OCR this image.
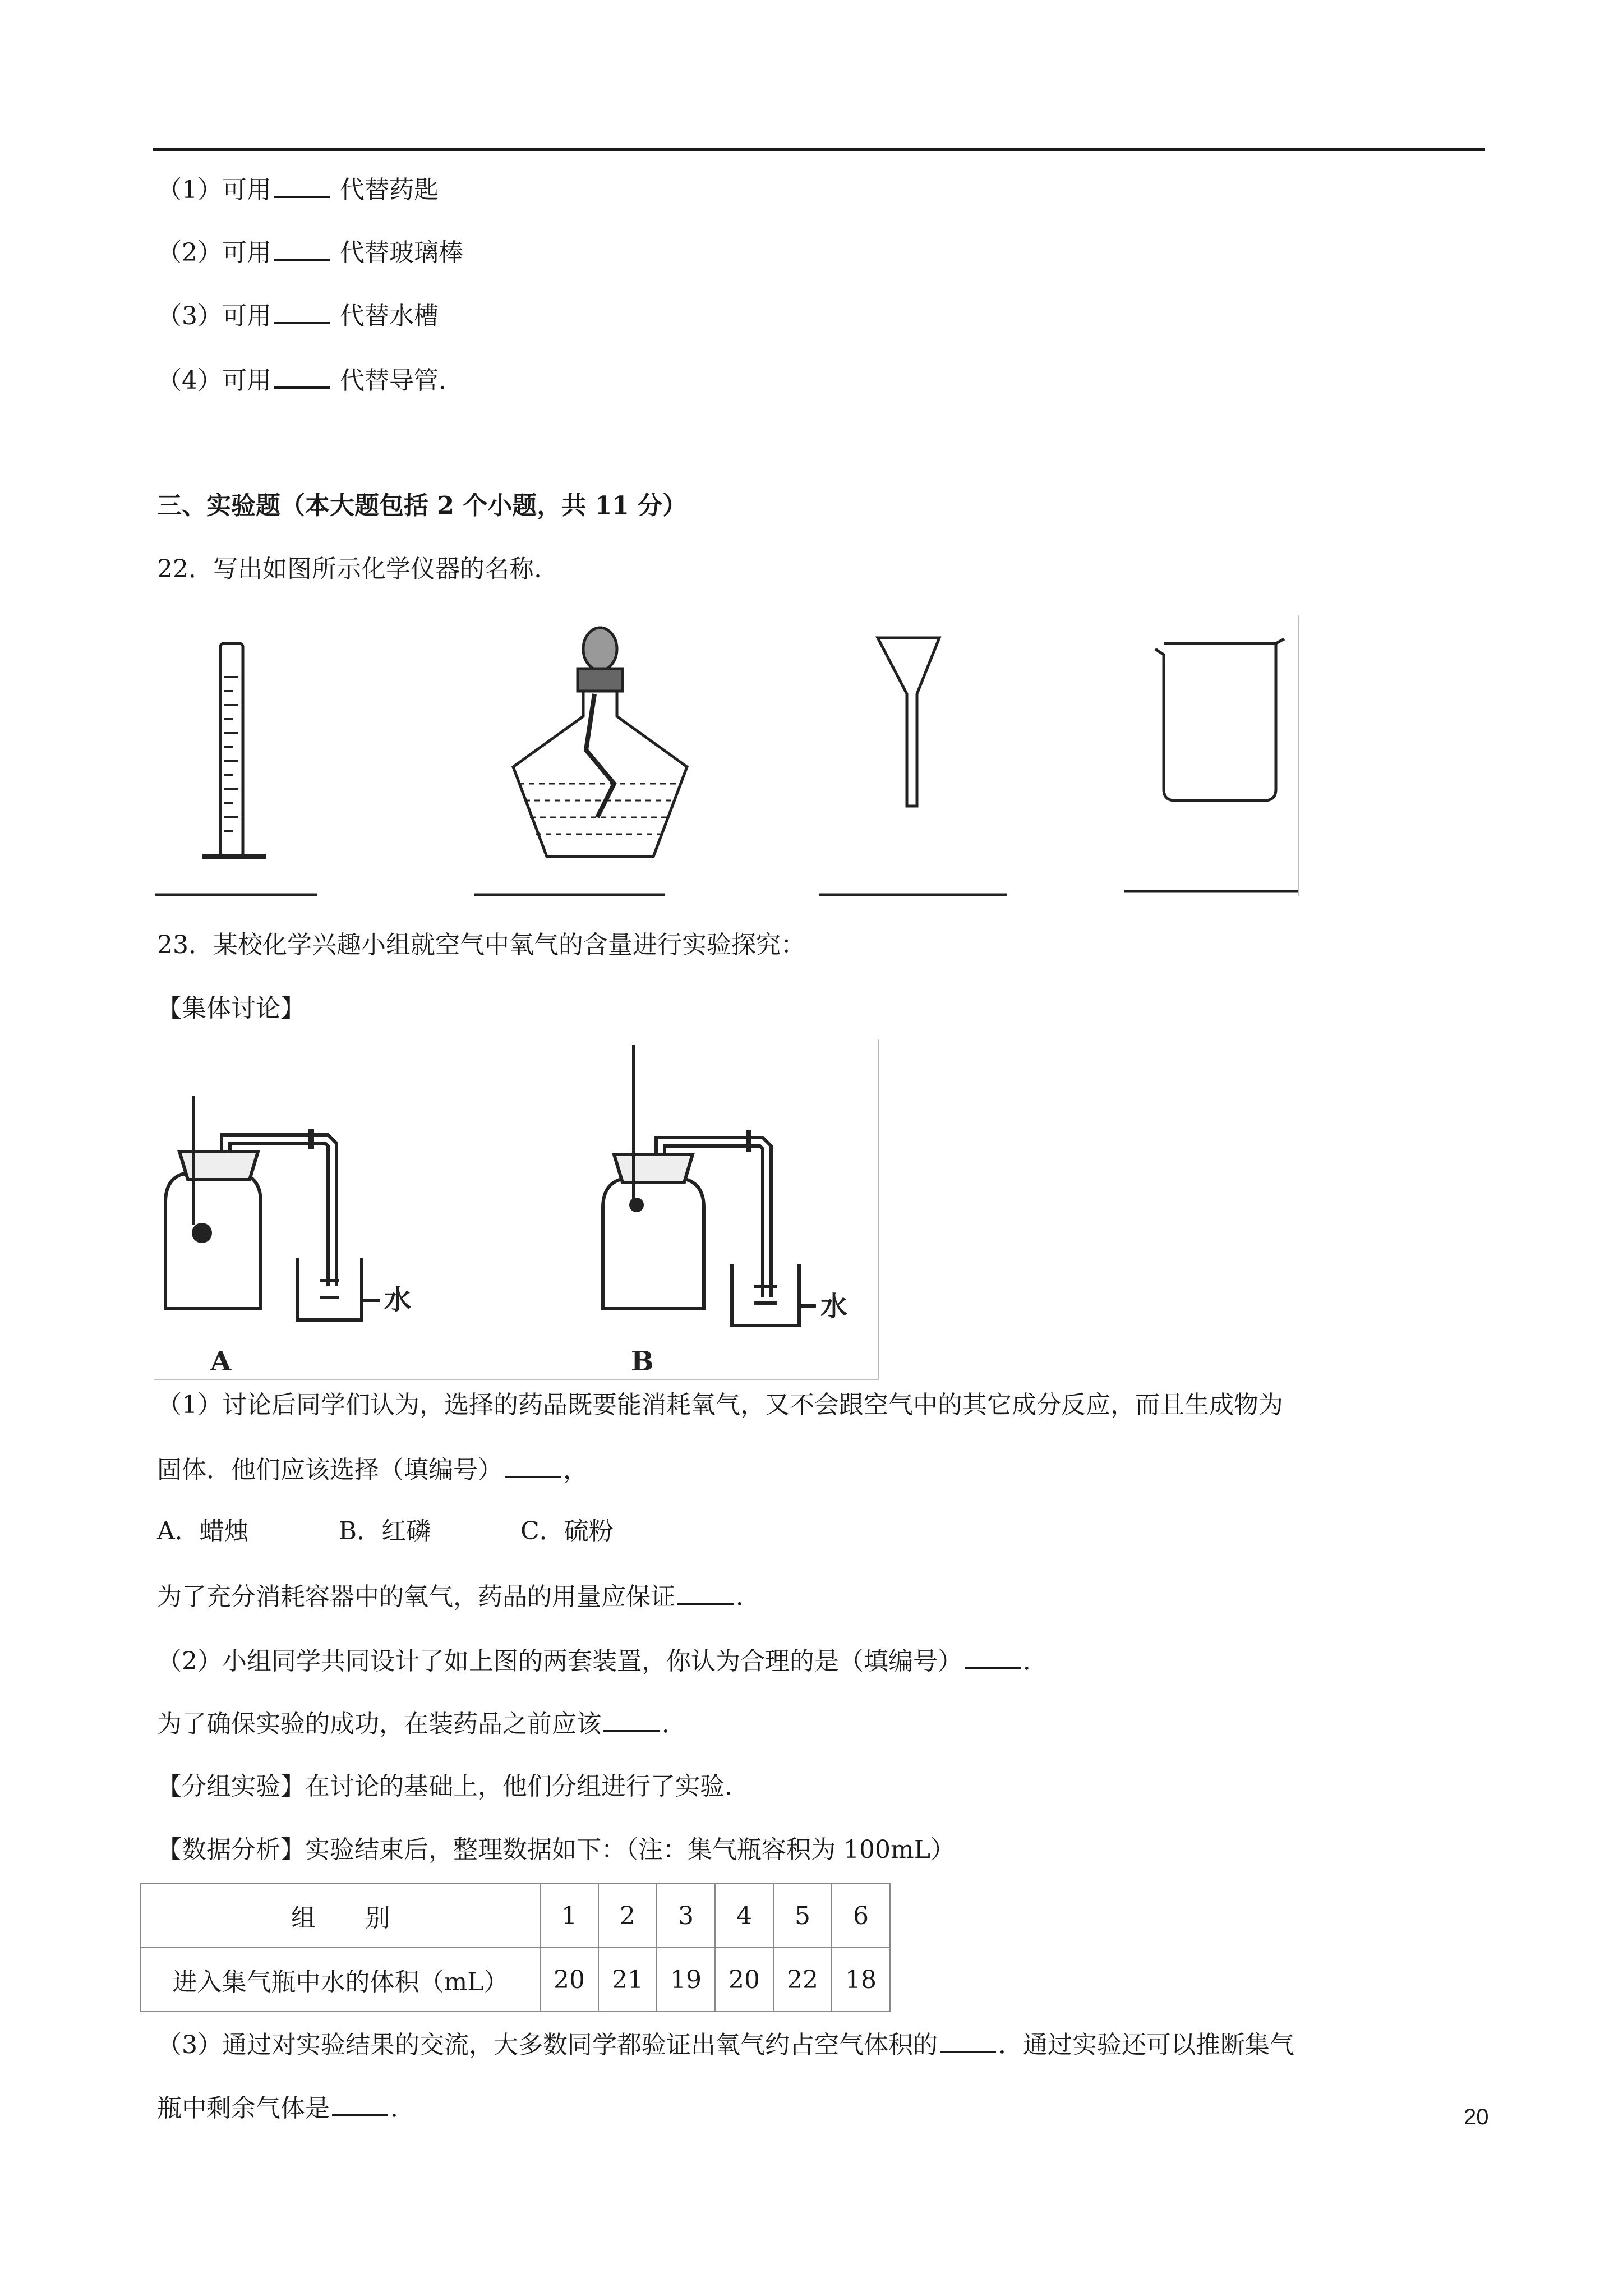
（1）可用	代替药匙
（2）可用	代替玻璃棒
（3）可用	代替水槽
（4）可用	代替导管.
三、实验题（本大题包括 2 个小题，共 11 分）
22．写出如图所示化学仪器的名称.
23．某校化学兴趣小组就空气中氧气的含量进行实验探究：
【集体讨论】
水
A
水
B
（1）讨论后同学们认为，选择的药品既要能消耗氧气，又不会跟空气中的其它成分反应，而且生成物为
固体．他们应该选择（填编号） ，
A．蜡烛	B．红磷	C．硫粉
为了充分消耗容器中的氧气，药品的用量应保证 ．
（2）小组同学共同设计了如上图的两套装置，你认为合理的是（填编号） ．
为了确保实验的成功，在装药品之前应该 ．
【分组实验】在讨论的基础上，他们分组进行了实验．
【数据分析】实验结束后，整理数据如下：（注：集气瓶容积为 100mL）
组　　别	1	2	3	4	5	6
进入集气瓶中水的体积（mL）	20	21	19	20	22	18
（3）通过对实验结果的交流，大多数同学都验证出氧气约占空气体积的 ．通过实验还可以推断集气
瓶中剩余气体是 ．	20
